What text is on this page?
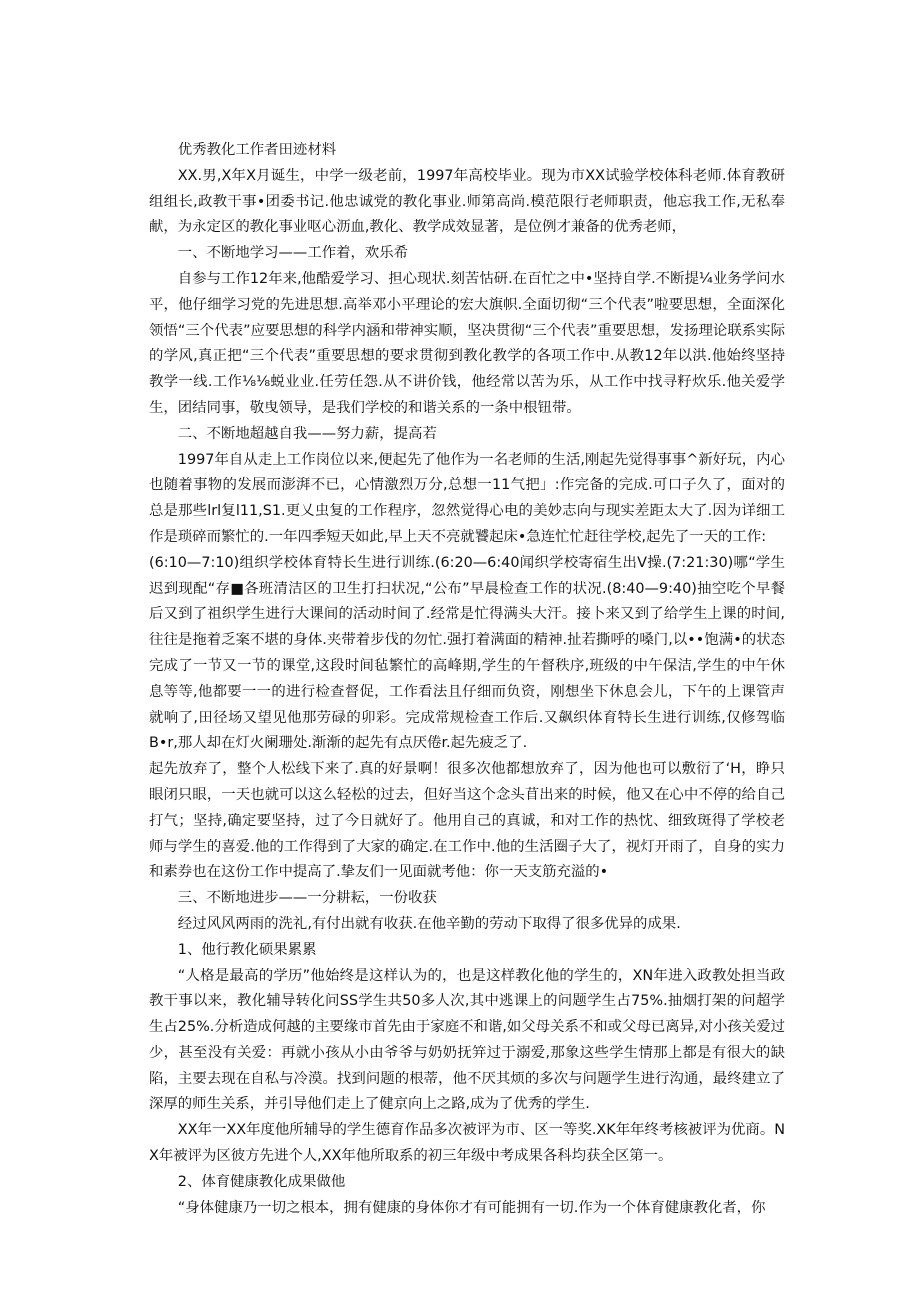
优秀教化工作者田迹材料

XX.男,X年X月诞生，中学一级老前，1997年高校毕业。现为市XX试验学校体科老师.体育教研组组长,政教干事•团委书记.他忠诚党的教化事业.师第高尚.模范限行老师职责，他忘我工作,无私奉献，为永定区的教化事业呕心沥血,教化、教学成效显著，是位例才兼备的优秀老师，

一、不断地学习——工作着，欢乐希

自参与工作12年来,他酷爱学习、担心现状.刻苦怙研.在百忙之中•坚持自学.不断提¼业务学问水平，他仔细学习党的先进思想.高举邓小平理论的宏大旗帜.全面切彻“三个代表”啦要思想，全面深化领悟“三个代表”应要思想的科学内涵和带神实顺，坚决贯彻“三个代表”重要思想，发扬理论联系实际的学风,真正把“三个代表”重要思想的要求贯彻到教化教学的各项工作中.从教12年以洪.他始终坚持教学一线.工作⅛⅛蜕业业.任劳任怨.从不讲价钱，他经常以苦为乐，从工作中找寻籽炊乐.他关爱学生，团结同事，敬曳领导，是我们学校的和谐关系的一条中根钮带。

二、不断地超越自我——努力薪，提高若

1997年自从走上工作岗位以来,便起先了他作为一名老师的生活,刚起先觉得事事^新好玩，内心也随着事物的发展而澎湃不已，心情激烈万分,总想一11气把」:作完备的完成.可口子久了，面对的总是那些lrl复l11,S1.更乂虫复的工作程序，忽然觉得心电的美妙志向与现实差距太大了.因为详细工作是琐碎而繁忙的.一年四季短天如此,早上天不亮就饕起床•急连忙忙赶往学校,起先了一天的工作:

(6:10—7:10)组织学校体育特长生进行训练.(6:20—6:40闻织学校寄宿生出V操.(7:21:30)哪“学生迟到现配“存■各班清洁区的卫生打扫状况,“公布”早晨检查工作的状况.(8:40—9:40)抽空吃个早餐后又到了祖织学生进行大课间的活动时间了.经常是忙得满头大汗。接卜来又到了给学生上课的时间,往往是拖着乏案不堪的身体.夹带着步伐的勿忙.强打着满面的精神.扯若撕呼的嗓门,以••饱满•的状态完成了一节又一节的课堂,这段时间毡繁忙的高峰期,学生的午督秩序,班级的中午保洁,学生的中午休息等等,他都要一一的进行检查督促，工作看法且仔细而负资，刚想坐下休息会儿，下午的上课管声就响了,田径场又望见他那劳碌的卯彩。完成常规检查工作后.又飙织体育特长生进行训练,仅修驾临　　B•r,那人却在灯火阑珊处.渐渐的起先有点厌倦r.起先疲乏了.

起先放弃了，整个人松线下来了.真的好景啊！很多次他都想放弃了，因为他也可以敷衍了‘H，睁只眼闭只眼，一天也就可以这么轻松的过去，但好当这个念头苜出来的时候，他又在心中不停的给自己打气；坚持,确定要坚持，过了今日就好了。他用自己的真诚，和对工作的热忱、细致斑得了学校老师与学生的喜爱.他的工作得到了大家的确定.在工作中.他的生活圈子大了，视灯开雨了，自身的实力和素券也在这份工作中提高了.挚友们一见面就考他：你一天支筋充溢的•

三、不断地进步——一分耕耘，一份收获

经过风风两雨的洗礼,有付出就有收获.在他辛勤的劳动下取得了很多优异的成果.

1、他行教化硕果累累

“人格是最高的学历”他始终是这样认为的，也是这样教化他的学生的，XN年进入政教处担当政教干事以来，教化辅导转化问SS学生共50多人次,其中逃课上的问题学生占75%.抽烟打架的问超学生占25%.分析造成何越的主要缘市首先由于家庭不和谐,如父母关系不和或父母已离异,对小孩关爱过少，甚至没有关爱：再就小孩从小由爷爷与奶奶抚笄过于溺爱,那象这些学生情那上都是有很大的缺陷，主要去现在自私与冷漠。找到问题的根蒂，他不厌其烦的多次与问题学生进行沟通，最终建立了深厚的师生关系，并引导他们走上了健京向上之路,成为了优秀的学生.

XX年一XX年度他所辅导的学生德育作品多次被评为市、区一等奖.XK年年终考核被评为优商。NX年被评为区彼方先进个人,XX年他所取系的初三年级中考成果各科均获全区第一。

2、体育健康教化成果做他

“身体健康乃一切之根本，拥有健康的身体你才有可能拥有一切.作为一个体育健康教化者，你
